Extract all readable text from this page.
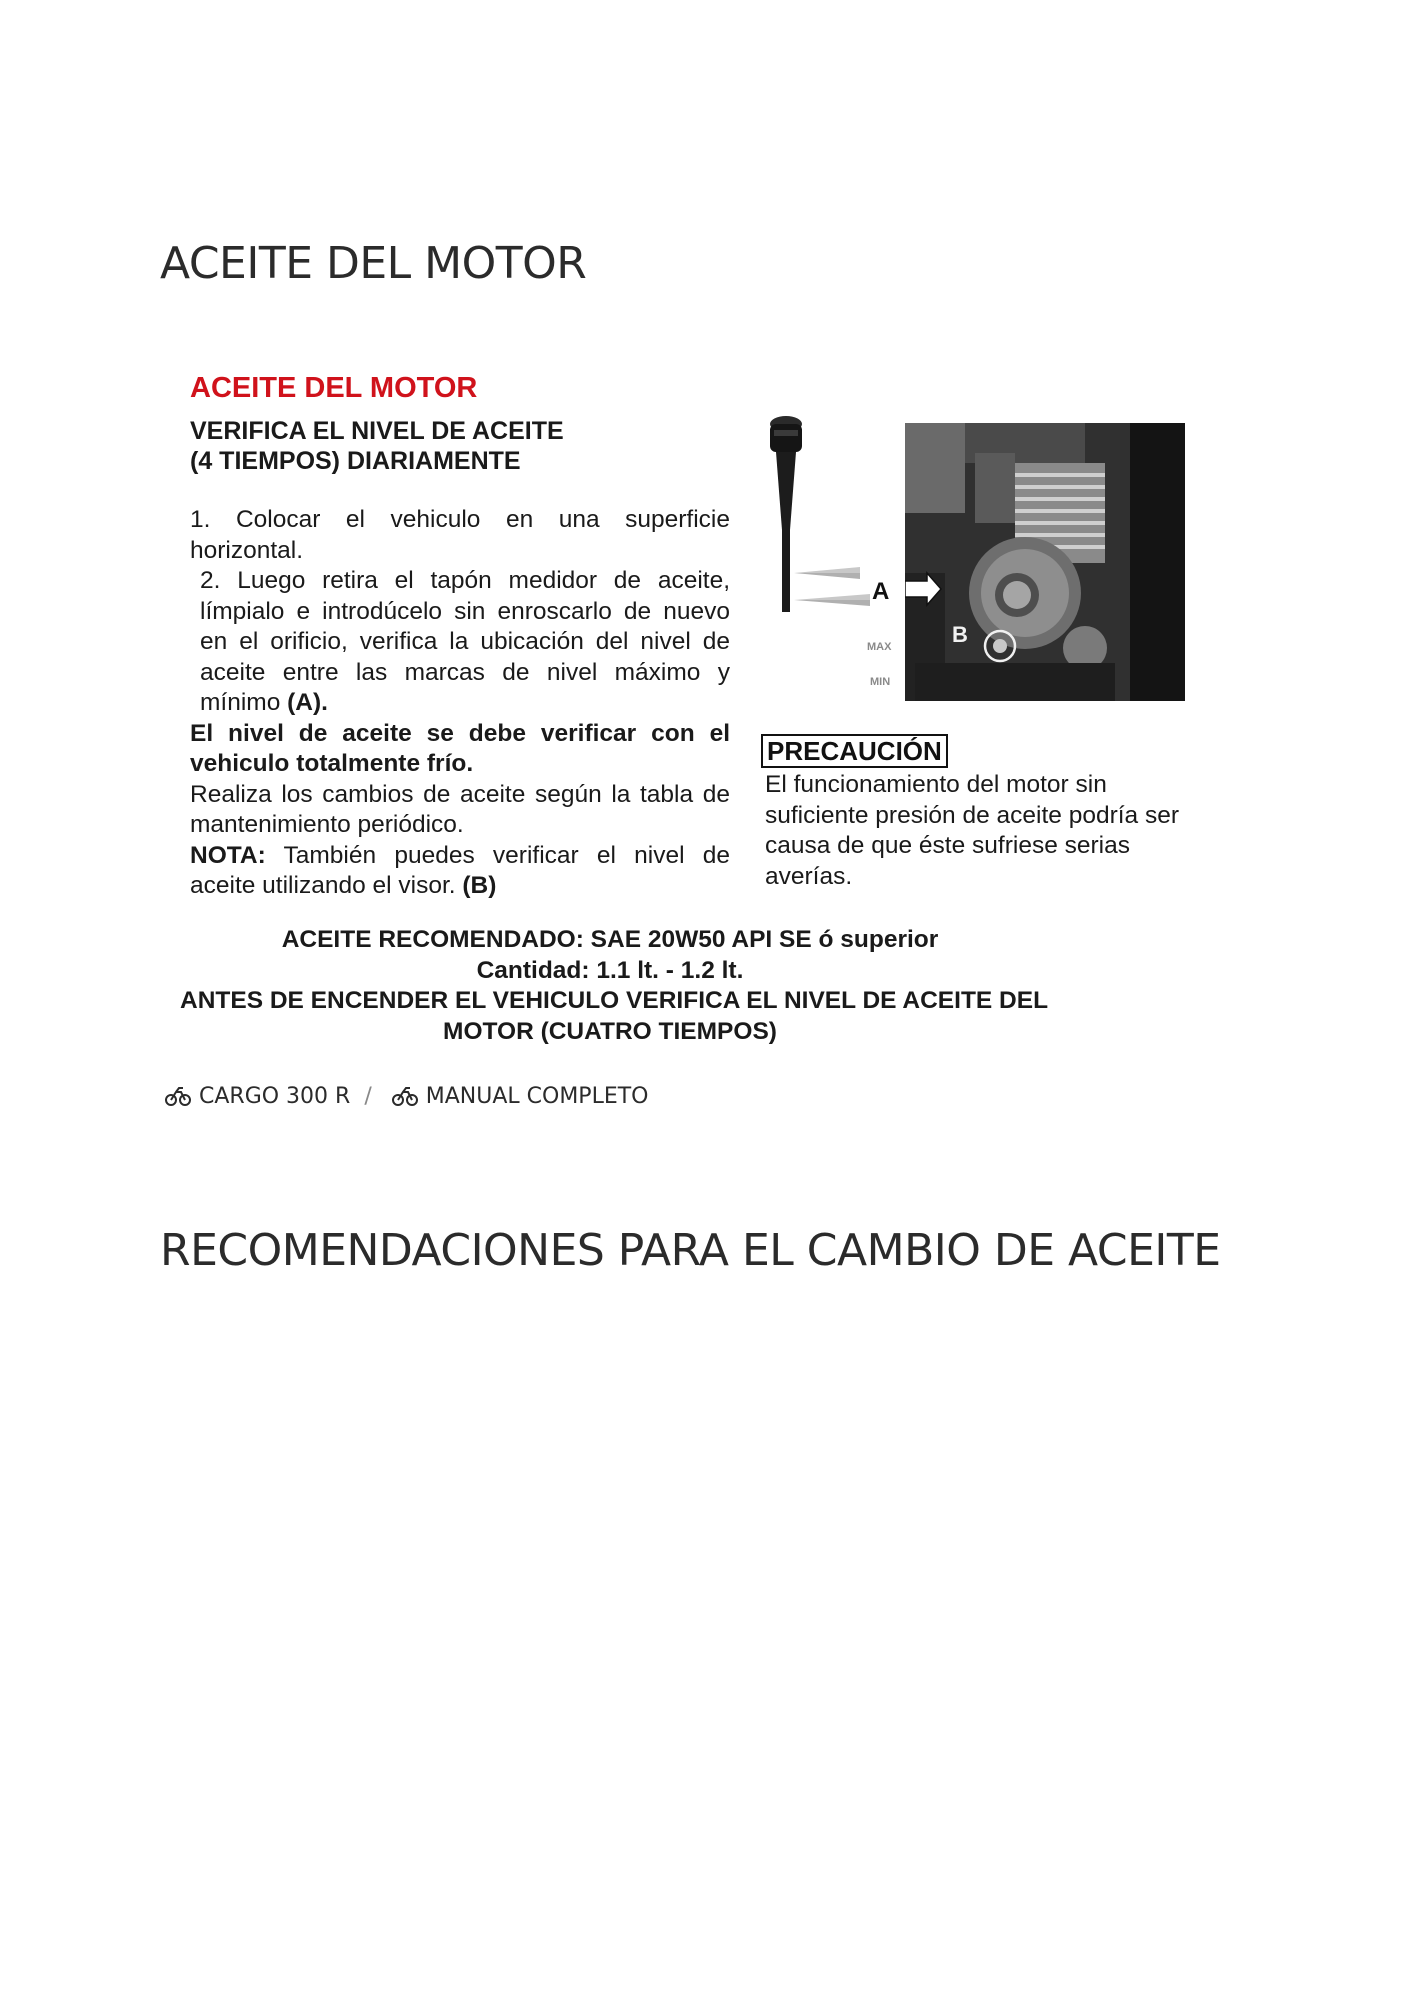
ACEITE DEL MOTOR
ACEITE DEL MOTOR
VERIFICA EL NIVEL DE ACEITE
(4 TIEMPOS) DIARIAMENTE

1. Colocar el vehiculo en una superficie horizontal.

2. Luego retira el tapón medidor de aceite, límpialo e introdúcelo sin enroscarlo de nuevo en el orificio, verifica la ubicación del nivel de aceite entre las marcas de nivel máximo y mínimo (A).

El nivel de aceite se debe verificar con el vehiculo totalmente frío.

Realiza los cambios de aceite según la tabla de mantenimiento periódico.

NOTA: También puedes verificar el nivel de aceite utilizando el visor. (B)

A
B
MAX
MIN
PRECAUCIÓN
El funcionamiento del motor sin
suficiente presión de aceite podría ser
causa de que éste sufriese serias
averías.
ACEITE RECOMENDADO: SAE 20W50 API SE ó superior
Cantidad: 1.1 lt. - 1.2 lt.
ANTES DE ENCENDER EL VEHICULO VERIFICA EL NIVEL DE ACEITE DEL
MOTOR (CUATRO TIEMPOS)
CARGO 300 R / MANUAL COMPLETO
RECOMENDACIONES PARA EL CAMBIO DE ACEITE
